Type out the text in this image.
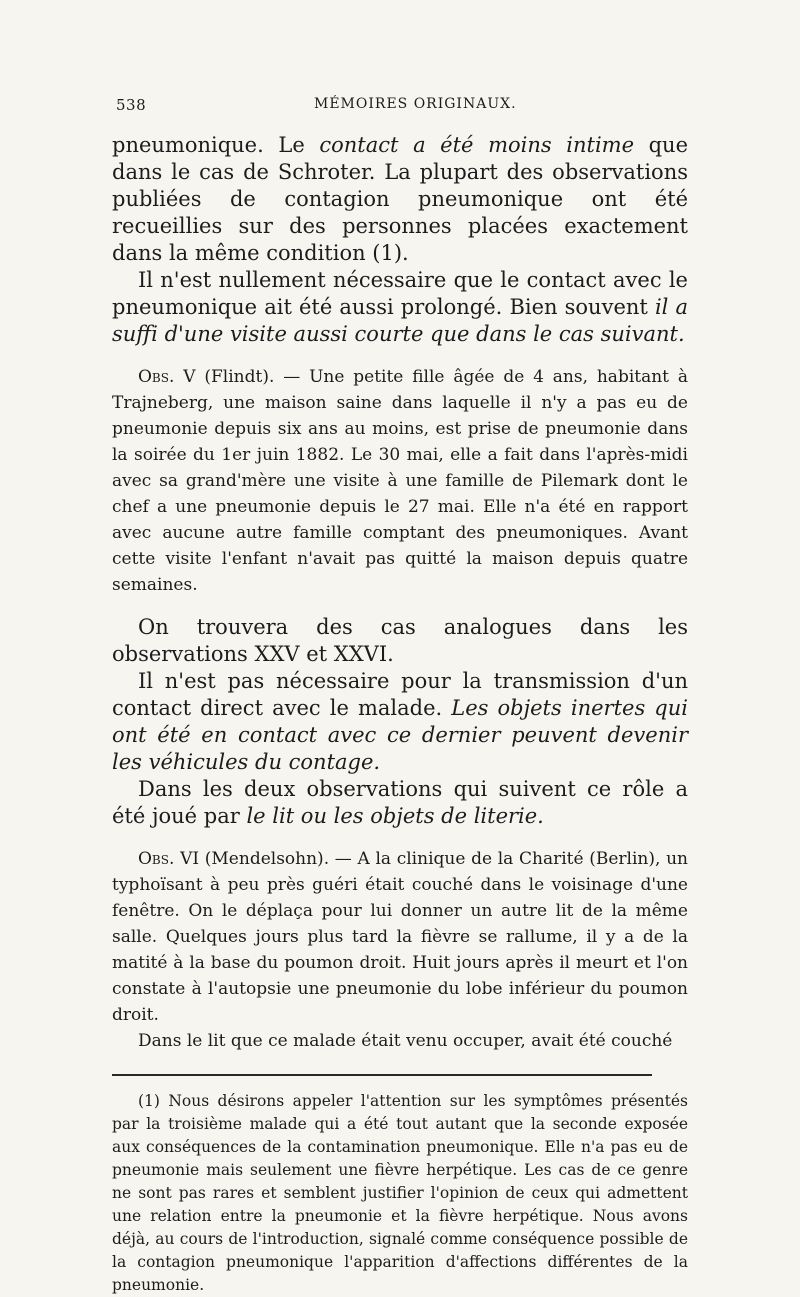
538	MÉMOIRES ORIGINAUX.

pneumonique. Le contact a été moins intime que dans le cas de Schroter. La plupart des observations publiées de contagion pneumonique ont été recueillies sur des personnes placées exactement dans la même condition (1).

Il n'est nullement nécessaire que le contact avec le pneumonique ait été aussi prolongé. Bien souvent il a suffi d'une visite aussi courte que dans le cas suivant.

Obs. V (Flindt). — Une petite fille âgée de 4 ans, habitant à Trajneberg, une maison saine dans laquelle il n'y a pas eu de pneumonie depuis six ans au moins, est prise de pneumonie dans la soirée du 1er juin 1882. Le 30 mai, elle a fait dans l'après-midi avec sa grand'mère une visite à une famille de Pilemark dont le chef a une pneumonie depuis le 27 mai. Elle n'a été en rapport avec aucune autre famille comptant des pneumoniques. Avant cette visite l'enfant n'avait pas quitté la maison depuis quatre semaines.

On trouvera des cas analogues dans les observations XXV et XXVI.

Il n'est pas nécessaire pour la transmission d'un contact direct avec le malade. Les objets inertes qui ont été en contact avec ce dernier peuvent devenir les véhicules du contage.

Dans les deux observations qui suivent ce rôle a été joué par le lit ou les objets de literie.

Obs. VI (Mendelsohn). — A la clinique de la Charité (Berlin), un typhoïsant à peu près guéri était couché dans le voisinage d'une fenêtre. On le déplaça pour lui donner un autre lit de la même salle. Quelques jours plus tard la fièvre se rallume, il y a de la matité à la base du poumon droit. Huit jours après il meurt et l'on constate à l'autopsie une pneumonie du lobe inférieur du poumon droit.

Dans le lit que ce malade était venu occuper, avait été couché

(1) Nous désirons appeler l'attention sur les symptômes présentés par la troisième malade qui a été tout autant que la seconde exposée aux conséquences de la contamination pneumonique. Elle n'a pas eu de pneumonie mais seulement une fièvre herpétique. Les cas de ce genre ne sont pas rares et semblent justifier l'opinion de ceux qui admettent une relation entre la pneumonie et la fièvre herpétique. Nous avons déjà, au cours de l'introduction, signalé comme conséquence possible de la contagion pneumonique l'apparition d'affections différentes de la pneumonie.
